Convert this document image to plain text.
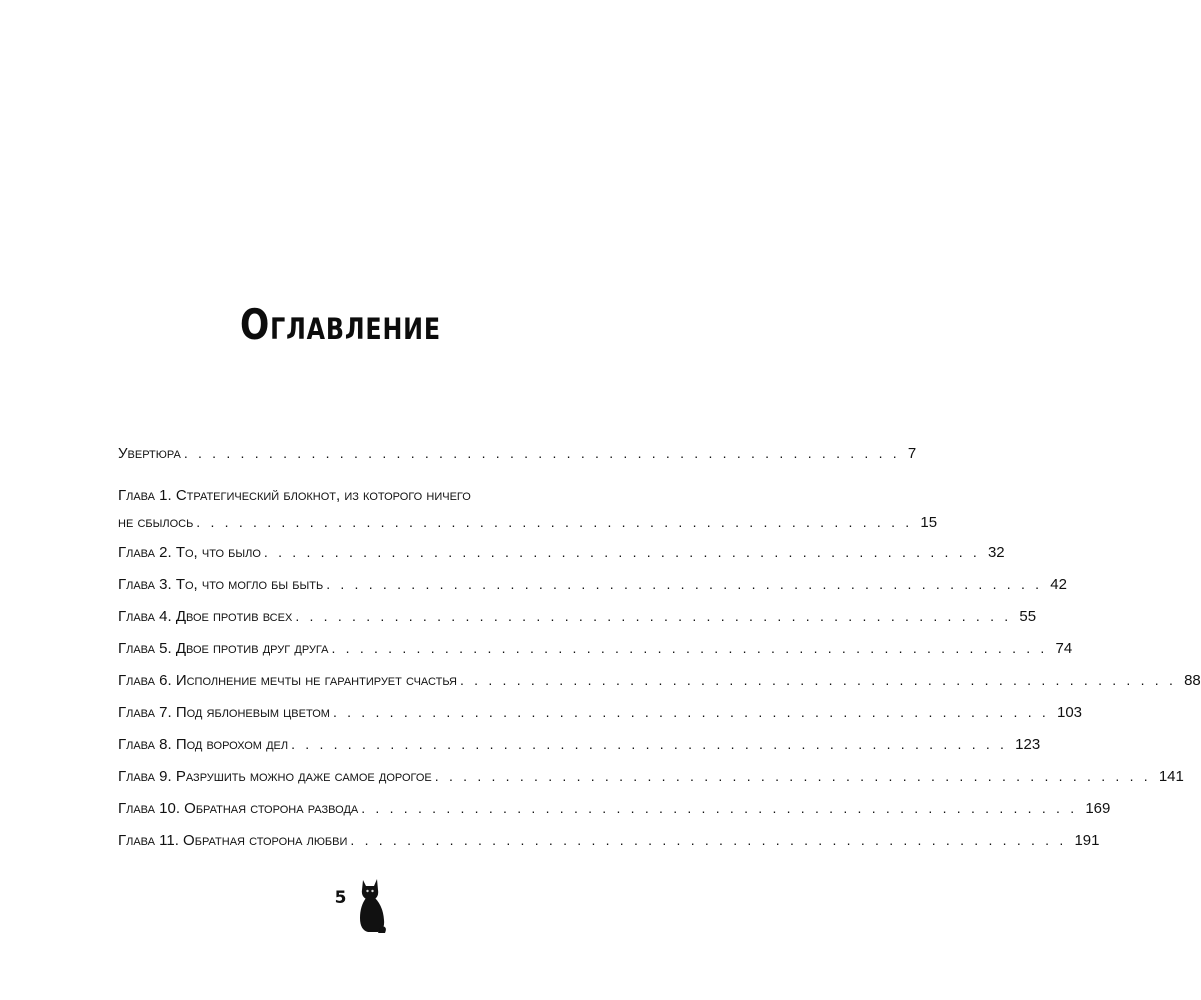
Оглавление
Увертюра . . . . . . . . . . . . . . . . . . . . . . . . . . . . . . . . . . . . . . . . . . . . . . . . . . . 7
Глава 1. Стратегический блокнот, из которого ничего
не сбылось . . . . . . . . . . . . . . . . . . . . . . . . . . . . . . . . . . . . . . . . . . . . . . . . . . . 15
Глава 2. То, что было . . . . . . . . . . . . . . . . . . . . . . . . . . . . . . . . . . . . . . . . . . . . . . . . . . . 32
Глава 3. То, что могло бы быть . . . . . . . . . . . . . . . . . . . . . . . . . . . . . . . . . . . . . . . . . . . . . . . . . . . 42
Глава 4. Двое против всех . . . . . . . . . . . . . . . . . . . . . . . . . . . . . . . . . . . . . . . . . . . . . . . . . . . 55
Глава 5. Двое против друг друга . . . . . . . . . . . . . . . . . . . . . . . . . . . . . . . . . . . . . . . . . . . . . . . . . . . 74
Глава 6. Исполнение мечты не гарантирует счастья . . . . . . . . . . . . . . . . . . . . . . . . . . . . . . . . . . . . . . . . . . . . . . . . . . . 88
Глава 7. Под яблоневым цветом . . . . . . . . . . . . . . . . . . . . . . . . . . . . . . . . . . . . . . . . . . . . . . . . . . . 103
Глава 8. Под ворохом дел . . . . . . . . . . . . . . . . . . . . . . . . . . . . . . . . . . . . . . . . . . . . . . . . . . . 123
Глава 9. Разрушить можно даже самое дорогое . . . . . . . . . . . . . . . . . . . . . . . . . . . . . . . . . . . . . . . . . . . . . . . . . . . 141
Глава 10. Обратная сторона развода . . . . . . . . . . . . . . . . . . . . . . . . . . . . . . . . . . . . . . . . . . . . . . . . . . . 169
Глава 11. Обратная сторона любви . . . . . . . . . . . . . . . . . . . . . . . . . . . . . . . . . . . . . . . . . . . . . . . . . . . 191
5
